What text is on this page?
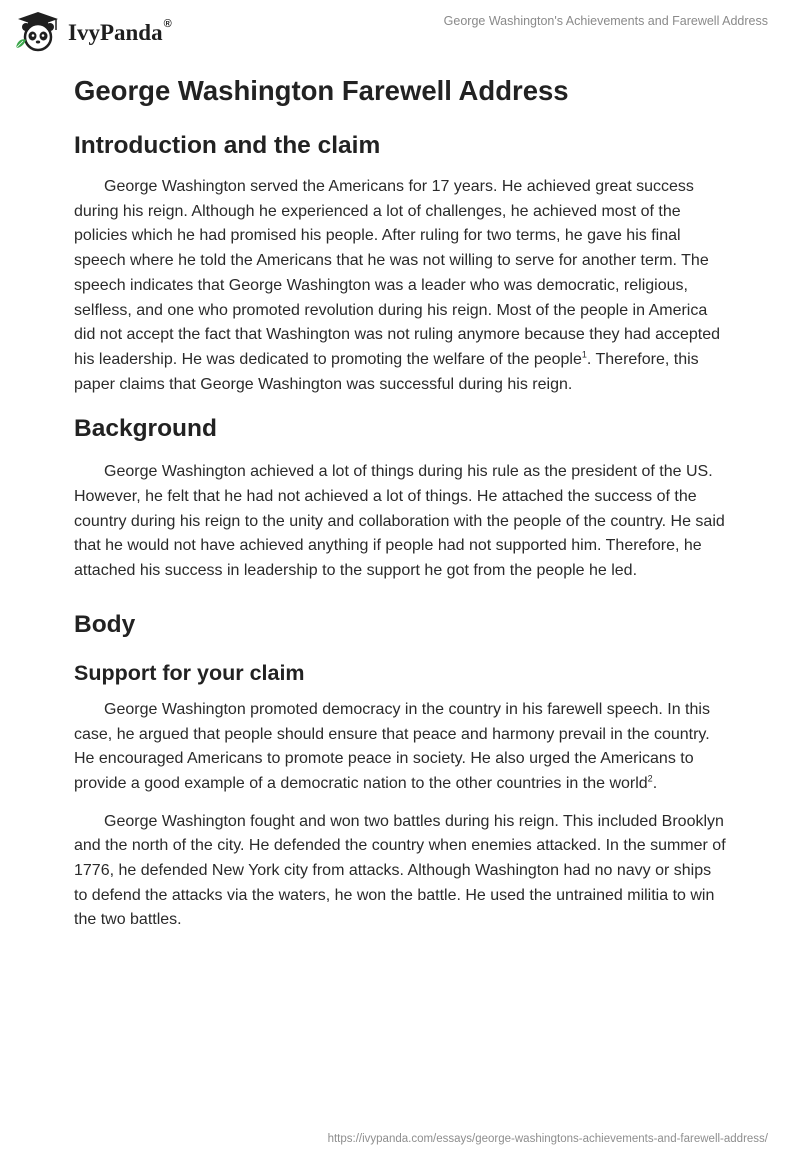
IvyPanda®	George Washington's Achievements and Farewell Address
George Washington Farewell Address
Introduction and the claim

George Washington served the Americans for 17 years. He achieved great success during his reign. Although he experienced a lot of challenges, he achieved most of the policies which he had promised his people. After ruling for two terms, he gave his final speech where he told the Americans that he was not willing to serve for another term. The speech indicates that George Washington was a leader who was democratic, religious, selfless, and one who promoted revolution during his reign. Most of the people in America did not accept the fact that Washington was not ruling anymore because they had accepted his leadership. He was dedicated to promoting the welfare of the people$^1$. Therefore, this paper claims that George Washington was successful during his reign.

Background

George Washington achieved a lot of things during his rule as the president of the US. However, he felt that he had not achieved a lot of things. He attached the success of the country during his reign to the unity and collaboration with the people of the country. He said that he would not have achieved anything if people had not supported him. Therefore, he attached his success in leadership to the support he got from the people he led.

Body
Support for your claim

George Washington promoted democracy in the country in his farewell speech. In this case, he argued that people should ensure that peace and harmony prevail in the country. He encouraged Americans to promote peace in society. He also urged the Americans to provide a good example of a democratic nation to the other countries in the world$^2$.

George Washington fought and won two battles during his reign. This included Brooklyn and the north of the city. He defended the country when enemies attacked. In the summer of 1776, he defended New York city from attacks. Although Washington had no navy or ships to defend the attacks via the waters, he won the battle. He used the untrained militia to win the two battles.

https://ivypanda.com/essays/george-washingtons-achievements-and-farewell-address/
